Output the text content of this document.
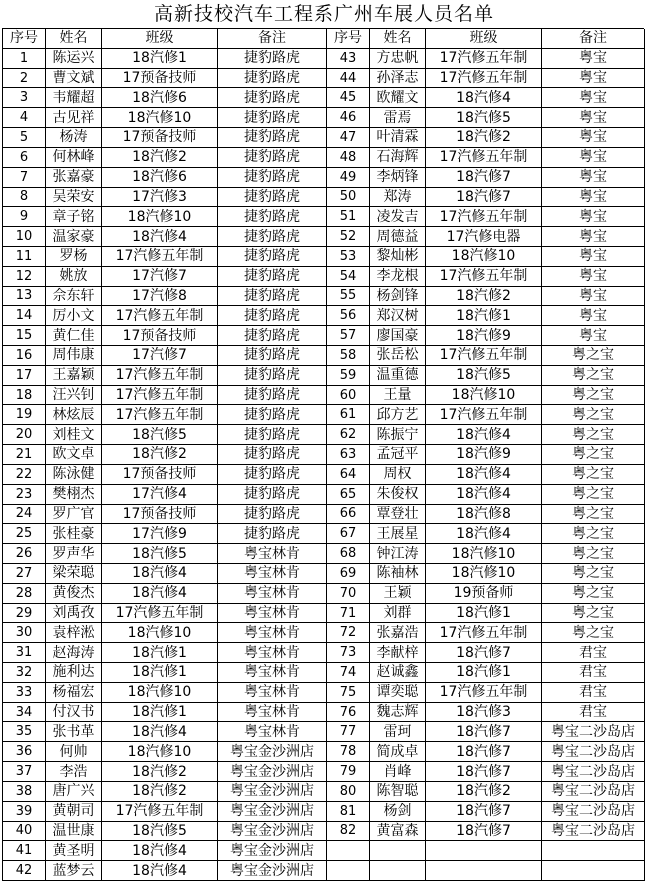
高新技校汽车工程系广州车展人员名单
序号	姓名	班级	备注	序号	姓名	班级	备注
1	陈运兴	18汽修1	捷豹路虎	43	方忠帆	17汽修五年制	粤宝
2	曹文斌	17预备技师	捷豹路虎	44	孙泽志	17汽修五年制	粤宝
3	韦耀超	18汽修6	捷豹路虎	45	欧耀文	18汽修4	粤宝
4	古见祥	18汽修10	捷豹路虎	46	雷焉	18汽修5	粤宝
5	杨涛	17预备技师	捷豹路虎	47	叶清霖	18汽修2	粤宝
6	何林峰	18汽修2	捷豹路虎	48	石海辉	17汽修五年制	粤宝
7	张嘉豪	18汽修6	捷豹路虎	49	李炳锋	18汽修7	粤宝
8	吴荣安	17汽修3	捷豹路虎	50	郑涛	18汽修7	粤宝
9	章子铭	18汽修10	捷豹路虎	51	凌发吉	17汽修五年制	粤宝
10	温家豪	18汽修4	捷豹路虎	52	周德益	17汽修电器	粤宝
11	罗杨	17汽修五年制	捷豹路虎	53	黎灿彬	18汽修10	粤宝
12	姚放	17汽修7	捷豹路虎	54	李龙根	17汽修五年制	粤宝
13	佘东轩	17汽修8	捷豹路虎	55	杨剑锋	18汽修2	粤宝
14	厉小文	17汽修五年制	捷豹路虎	56	郑汉树	18汽修1	粤宝
15	黄仁佳	17预备技师	捷豹路虎	57	廖国豪	18汽修9	粤宝
16	周伟康	17汽修7	捷豹路虎	58	张岳松	17汽修五年制	粤之宝
17	王嘉颖	17汽修五年制	捷豹路虎	59	温重德	18汽修5	粤之宝
18	汪兴钊	17汽修五年制	捷豹路虎	60	王量	18汽修10	粤之宝
19	林炫辰	17汽修五年制	捷豹路虎	61	邱方艺	17汽修五年制	粤之宝
20	刘桂文	18汽修5	捷豹路虎	62	陈振宁	18汽修4	粤之宝
21	欧文卓	18汽修2	捷豹路虎	63	孟冠平	18汽修9	粤之宝
22	陈泳健	17预备技师	捷豹路虎	64	周权	18汽修4	粤之宝
23	樊栩杰	17汽修4	捷豹路虎	65	朱俊权	18汽修4	粤之宝
24	罗广官	17预备技师	捷豹路虎	66	覃登壮	18汽修8	粤之宝
25	张桂豪	17汽修9	捷豹路虎	67	王展星	18汽修4	粤之宝
26	罗声华	18汽修5	粤宝林肯	68	钟江涛	18汽修10	粤之宝
27	梁荣聪	18汽修4	粤宝林肯	69	陈袖林	18汽修10	粤之宝
28	黄俊杰	18汽修4	粤宝林肯	70	王颖	19预备师	粤之宝
29	刘禹孜	17汽修五年制	粤宝林肯	71	刘群	18汽修1	粤之宝
30	袁梓淞	18汽修10	粤宝林肯	72	张嘉浩	17汽修五年制	粤之宝
31	赵海涛	18汽修1	粤宝林肯	73	李献梓	18汽修7	君宝
32	施利达	18汽修1	粤宝林肯	74	赵诚鑫	18汽修1	君宝
33	杨福宏	18汽修10	粤宝林肯	75	谭奕聪	17汽修五年制	君宝
34	付汉书	18汽修1	粤宝林肯	76	魏志辉	18汽修3	君宝
35	张书革	18汽修4	粤宝林肯	77	雷珂	18汽修7	粤宝二沙岛店
36	何帅	18汽修10	粤宝金沙洲店	78	简成卓	18汽修7	粤宝二沙岛店
37	李浩	18汽修2	粤宝金沙洲店	79	肖峰	18汽修7	粤宝二沙岛店
38	唐广兴	18汽修2	粤宝金沙洲店	80	陈智聪	18汽修2	粤宝二沙岛店
39	黄朝司	17汽修五年制	粤宝金沙洲店	81	杨剑	18汽修7	粤宝二沙岛店
40	温世康	18汽修5	粤宝金沙洲店	82	黄富森	18汽修7	粤宝二沙岛店
41	黄圣明	18汽修4	粤宝金沙洲店
42	蓝梦云	18汽修4	粤宝金沙洲店
